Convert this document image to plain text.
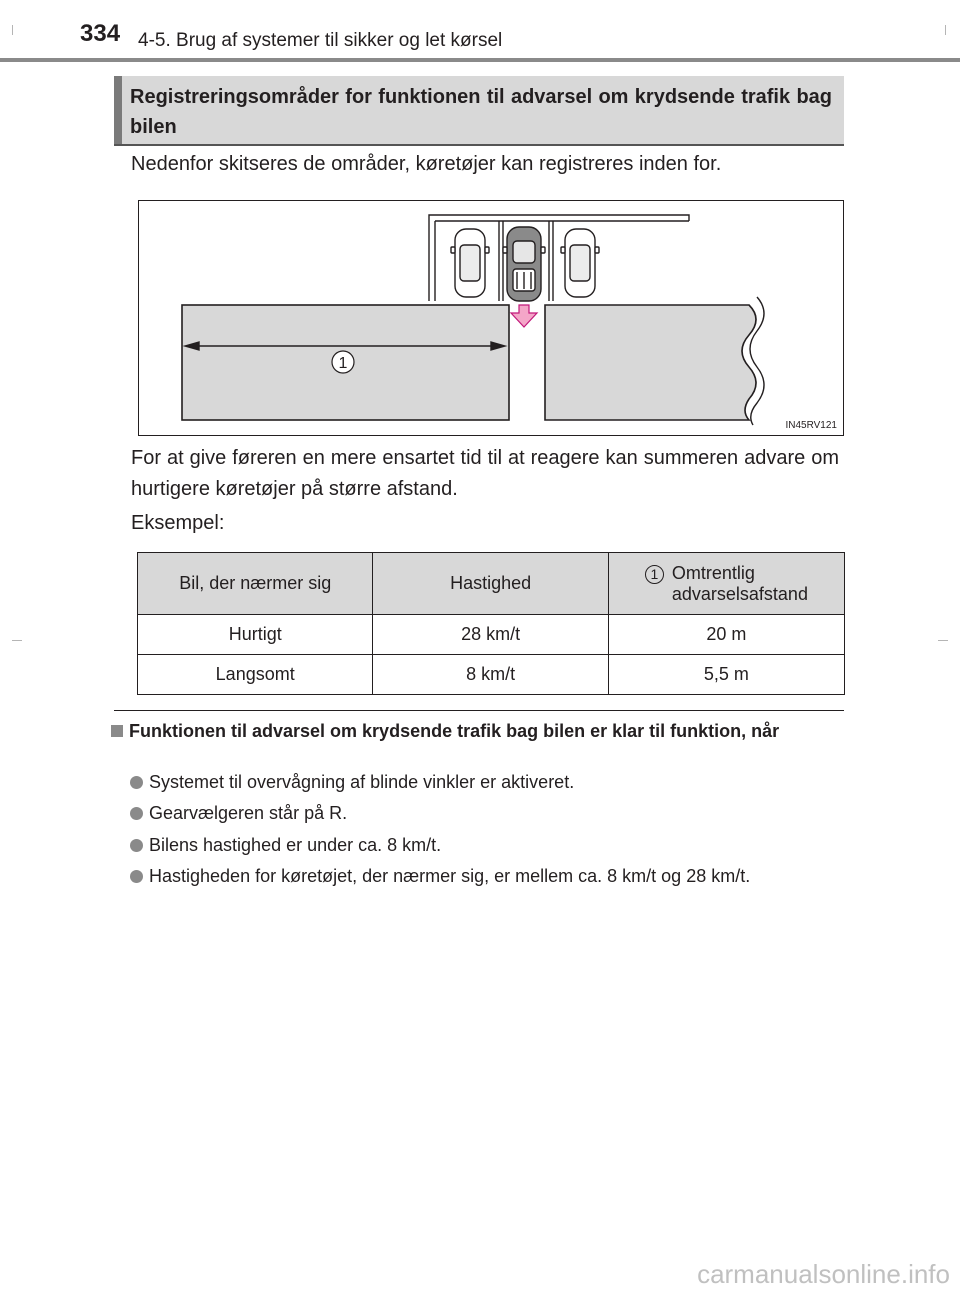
334 4-5. Brug af systemer til sikker og let kørsel
Registreringsområder for funktionen til advarsel om krydsende trafik bag bilen
Nedenfor skitseres de områder, køretøjer kan registreres inden for.
1
IN45RV121
For at give føreren en mere ensartet tid til at reagere kan summeren advare om hurtigere køretøjer på større afstand.
Eksempel:
Bil, der nærmer sig	Hastighed	1 Omtrentlig
advarselsafstand

Hurtigt	28 km/t	20 m
Langsomt	8 km/t	5,5 m
Funktionen til advarsel om krydsende trafik bag bilen er klar til funktion, når
Systemet til overvågning af blinde vinkler er aktiveret.
Gearvælgeren står på R.
Bilens hastighed er under ca. 8 km/t.
Hastigheden for køretøjet, der nærmer sig, er mellem ca. 8 km/t og 28 km/t.
carmanualsonline.info
